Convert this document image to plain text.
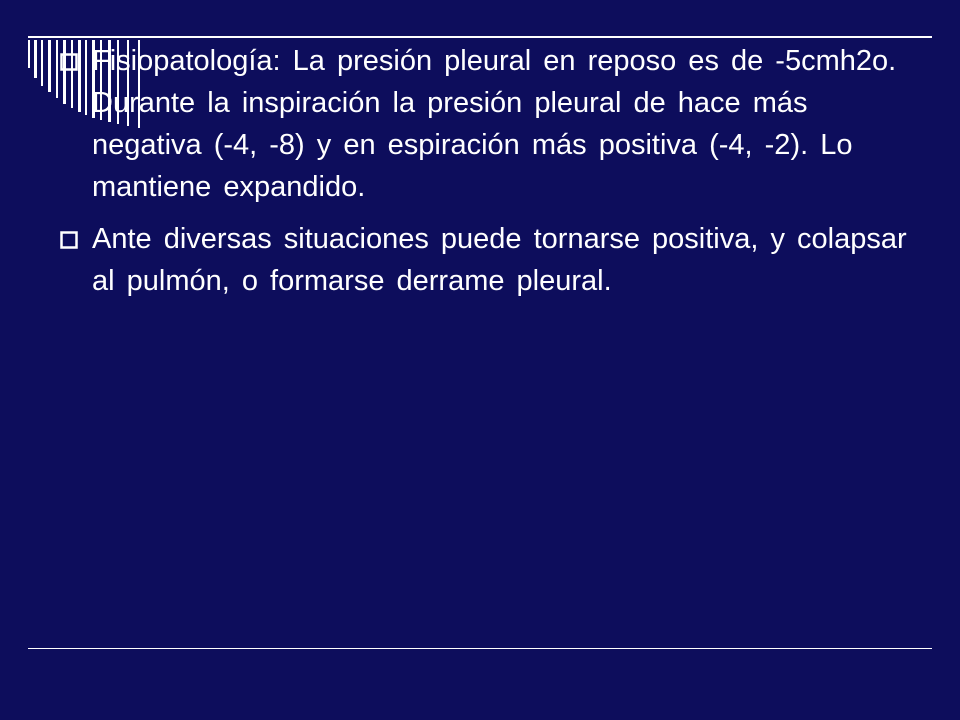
Fisiopatología: La presión pleural en reposo es de -5cmh2o. Durante la inspiración la presión pleural de hace más negativa (-4, -8) y en espiración más positiva (-4, -2). Lo mantiene expandido.
Ante diversas situaciones puede tornarse positiva, y colapsar al pulmón, o formarse derrame pleural.
